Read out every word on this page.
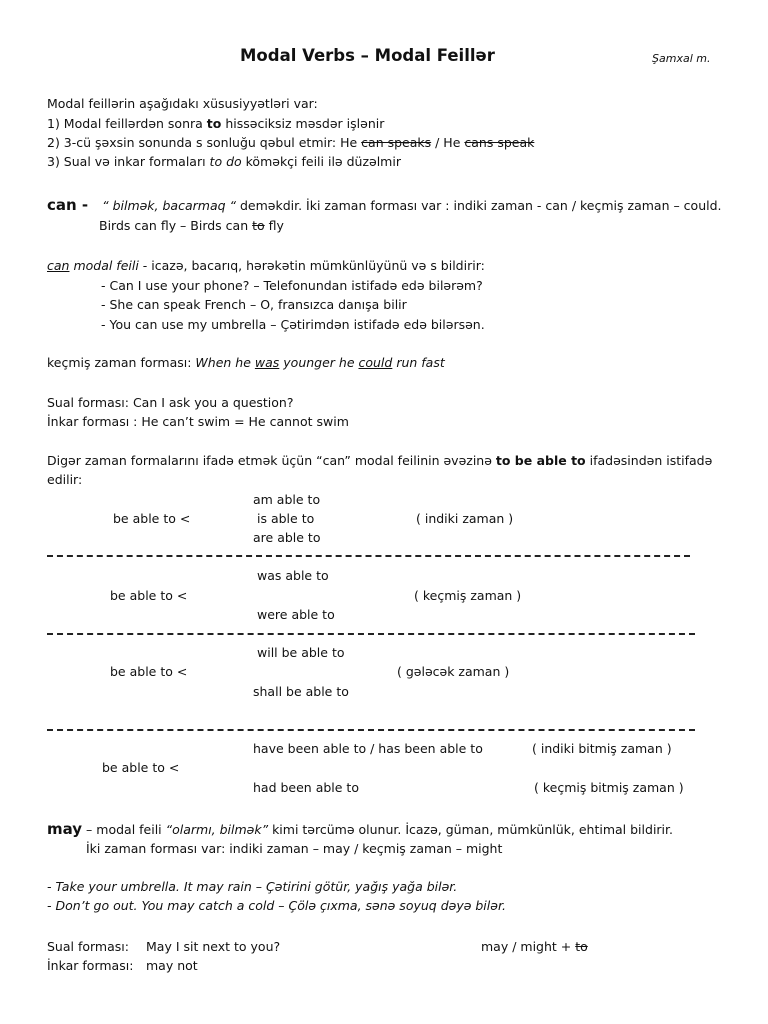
Modal Verbs – Modal Feillər	Şamxal m.
Modal feillərin aşağıdakı xüsusiyyətləri var:
1) Modal feillərdən sonra to hissəciksiz məsdər işlənir
2) 3-cü şəxsin sonunda s sonluğu qəbul etmir: He can speaks / He cans speak
3) Sual və inkar formaları to do köməkçi feili ilə düzəlmir
can - “ bilmək, bacarmaq “ deməkdir. İki zaman forması var : indiki zaman - can / keçmiş zaman – could.
Birds can fly – Birds can to fly
can modal feili - icazə, bacarıq, hərəkətin mümkünlüyünü və s bildirir:
- Can I use your phone? – Telefonundan istifadə edə bilərəm?
- She can speak French – O, fransızca danışa bilir
- You can use my umbrella – Çətirimdən istifadə edə bilərsən.
keçmiş zaman forması: When he was younger he could run fast
Sual forması: Can I ask you a question?
İnkar forması : He can’t swim = He cannot swim
Digər zaman formalarını ifadə etmək üçün “can” modal feilinin əvəzinə to be able to ifadəsindən istifadə
edilir:
am able to
be able to <	is able to	( indiki zaman )
are able to
was able to
be able to <	( keçmiş zaman )
were able to
will be able to
be able to <	( gələcək zaman )
shall be able to
have been able to / has been able to	( indiki bitmiş zaman )
be able to <
had been able to	( keçmiş bitmiş zaman )
may – modal feili “olarmı, bilmək” kimi tərcümə olunur. İcazə, güman, mümkünlük, ehtimal bildirir.
İki zaman forması var: indiki zaman – may / keçmiş zaman – might
- Take your umbrella. It may rain – Çətirini götür, yağış yağa bilər.
- Don’t go out. You may catch a cold – Çölə çıxma, sənə soyuq dəyə bilər.
Sual forması: May I sit next to you?	may / might + to
İnkar forması: may not
